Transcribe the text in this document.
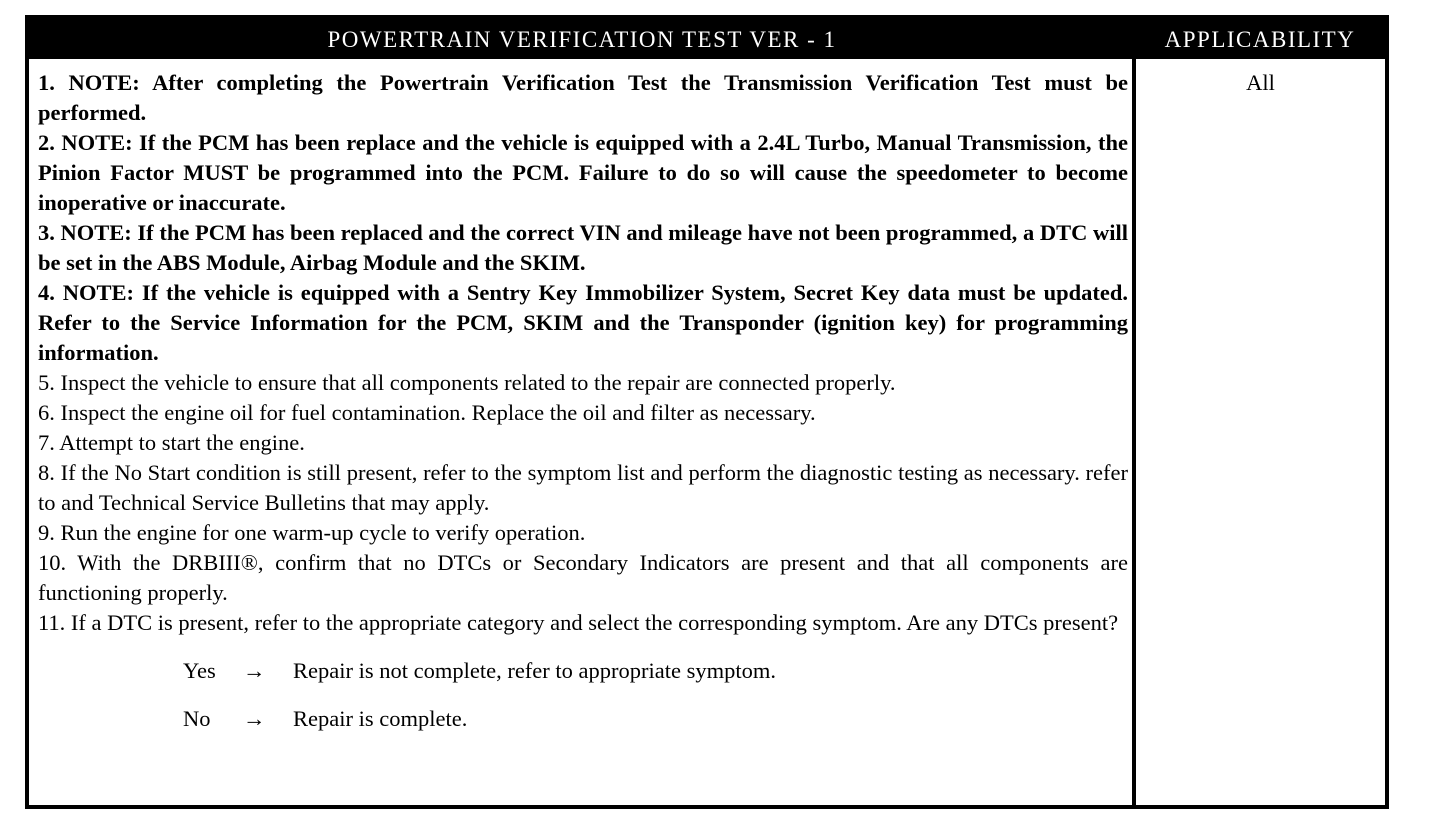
POWERTRAIN VERIFICATION TEST VER - 1	APPLICABILITY

1. NOTE: After completing the Powertrain Verification Test the Transmission Verification Test must be performed.

2. NOTE: If the PCM has been replace and the vehicle is equipped with a 2.4L Turbo, Manual Transmission, the Pinion Factor MUST be programmed into the PCM. Failure to do so will cause the speedometer to become inoperative or inaccurate.

3. NOTE: If the PCM has been replaced and the correct VIN and mileage have not been programmed, a DTC will be set in the ABS Module, Airbag Module and the SKIM.

4. NOTE: If the vehicle is equipped with a Sentry Key Immobilizer System, Secret Key data must be updated. Refer to the Service Information for the PCM, SKIM and the Transponder (ignition key) for programming information.

5. Inspect the vehicle to ensure that all components related to the repair are connected properly.

6. Inspect the engine oil for fuel contamination. Replace the oil and filter as necessary.

7. Attempt to start the engine.

8. If the No Start condition is still present, refer to the symptom list and perform the diagnostic testing as necessary. refer to and Technical Service Bulletins that may apply.

9. Run the engine for one warm-up cycle to verify operation.

10. With the DRBIII®, confirm that no DTCs or Secondary Indicators are present and that all components are functioning properly.

11. If a DTC is present, refer to the appropriate category and select the corresponding symptom. Are any DTCs present?

Yes → Repair is not complete, refer to appropriate symptom.
No → Repair is complete.
All
